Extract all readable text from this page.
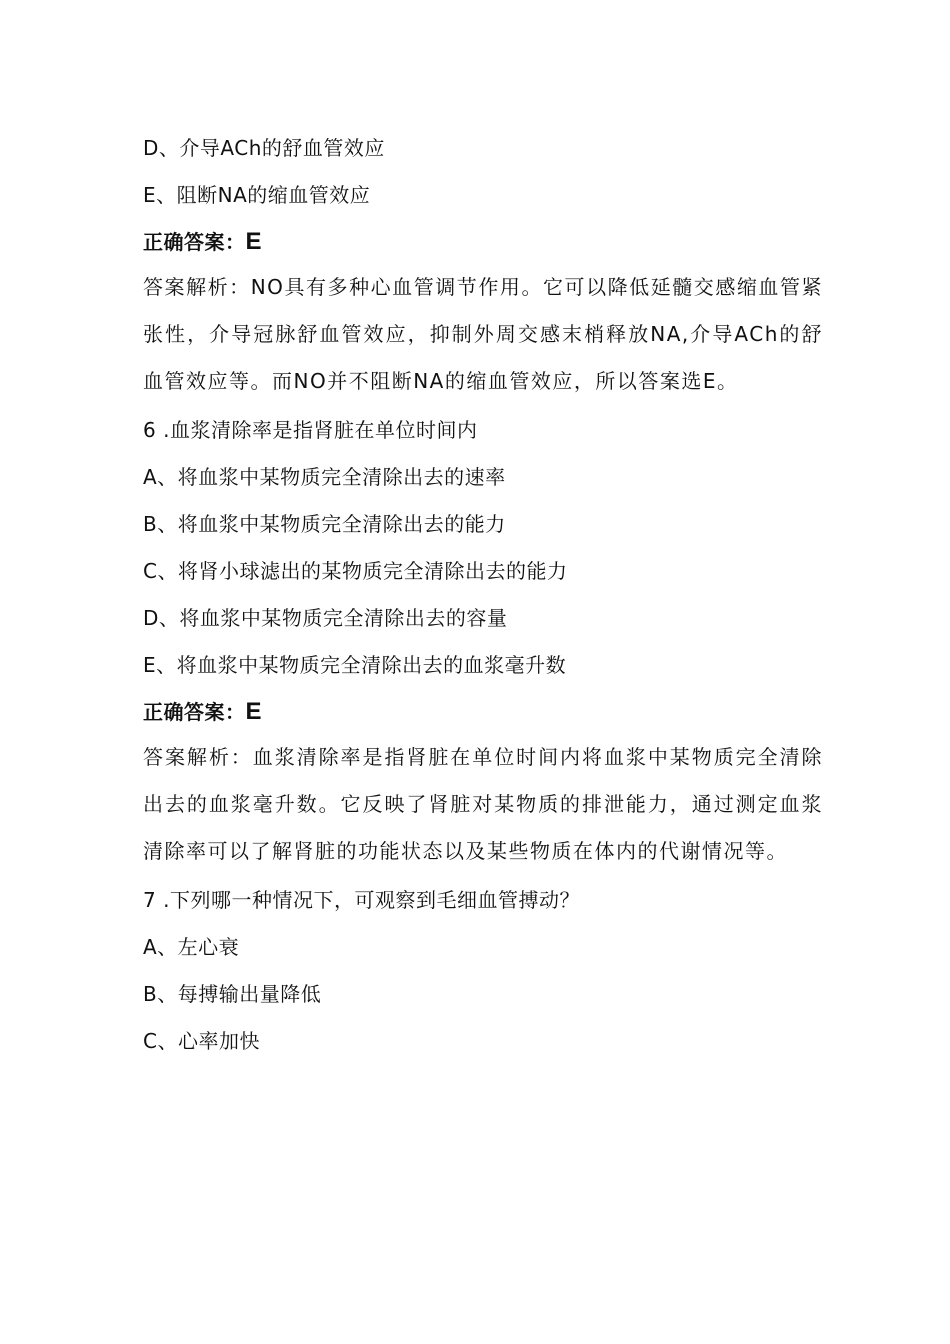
D、介导ACh的舒血管效应
E、阻断NA的缩血管效应
正确答案：E
答案解析：NO具有多种心血管调节作用。它可以降低延髓交感缩血管紧张性，介导冠脉舒血管效应，抑制外周交感末梢释放NA,介导ACh的舒血管效应等。而NO并不阻断NA的缩血管效应，所以答案选E。
6 .血浆清除率是指肾脏在单位时间内
A、将血浆中某物质完全清除出去的速率
B、将血浆中某物质完全清除出去的能力
C、将肾小球滤出的某物质完全清除出去的能力
D、将血浆中某物质完全清除出去的容量
E、将血浆中某物质完全清除出去的血浆毫升数
正确答案：E
答案解析：血浆清除率是指肾脏在单位时间内将血浆中某物质完全清除出去的血浆毫升数。它反映了肾脏对某物质的排泄能力，通过测定血浆清除率可以了解肾脏的功能状态以及某些物质在体内的代谢情况等。
7 .下列哪一种情况下，可观察到毛细血管搏动？
A、左心衰
B、每搏输出量降低
C、心率加快
